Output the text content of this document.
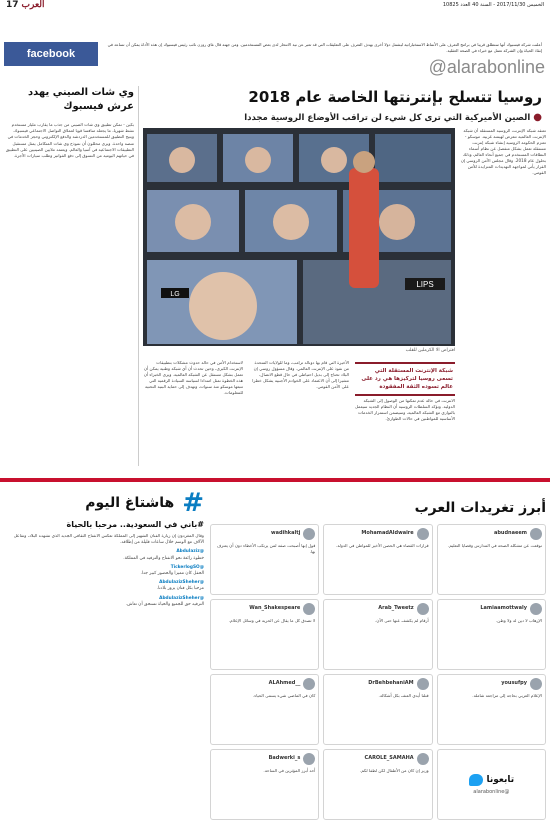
17 العرب	الخميس 2017/11/30 - السنة 40 العدد 10825
facebook
أعلنت شركة فيسبوك أنها ستطلق قريبا في برامج التعرف على الأنماط الاستخباراتية ليشمل دولا أخرى بهدف التعرف على التعليقات التي قد تعبر عن نية الانتحار لدى بعض المستخدمين. ومن جهته قال غاي روزن نائب رئيس فيسبوك إن هذه الأداة يمكن أن تساعد في إنقاذ الحياة وإن الشركة تعمل مع خبراء في الصحة العقلية.
@alarabonline
روسيا تتسلح بإنترنتها الخاصة عام 2018
●الصين الأميركية التي ترى كل شيء لن تراقب الأوضاع الروسية مجددا
وي شات الصيني يهدد عرش فيسبوك
بكين - تمكن تطبيق وي شات الصيني من جذب ما يقارب مليار مستخدم نشط شهريا، ما يجعله منافسا قويا لعملاق التواصل الاجتماعي فيسبوك. ويتيح التطبيق للمستخدمين الدردشة والدفع الإلكتروني وحجز الخدمات في منصة واحدة. ويرى محللون أن نموذج وي شات المتكامل يمثل مستقبل التطبيقات الاجتماعية في آسيا والعالم. ويعتمد ملايين الصينيين على التطبيق في حياتهم اليومية من التسوق إلى دفع الفواتير وطلب سيارات الأجرة.
LIPS
LG
افتراض الا الكرملين للقلب
تعتقد شبكة الإنترنت الروسية المستقلة أن شبكة الإنترنت العالمية تتعرض لهيمنة غربية. موسكو - تعتزم الحكومة الروسية إنشاء شبكة إنترنت مستقلة تعمل بشكل منفصل عن نظام أسماء النطاقات المستخدم في جميع أنحاء العالم، وذلك بحلول عام 2018. وقال مجلس الأمن الروسي إن القرار يأتي لمواجهة التهديدات المتزايدة للأمن القومي.
شبكة الإنترنت المستقلة التي تسعى روسيا لتركيزها هي رد على عالم تسوده الثقة المفقودة
الانترنت في حالة عدم تمكنها من الوصول إلى الشبكة الدولية. وتؤكد السلطات الروسية أن النظام الجديد سيعمل بالتوازي مع الشبكة العالمية، وسيضمن استمرار الخدمات الأساسية للمواطنين في حالات الطوارئ.
الأخيرة التي قام بها دونالد ترامب، وما للولايات المتحدة من نفوذ على الإنترنت العالمي. وقال مسؤول روسي إن البلاد تحتاج إلى بديل احتياطي في حال قطع الاتصال، مشيرا إلى أن الاعتماد على الخوادم الأجنبية يشكل خطرا على الأمن القومي.
لاستخدام الأمن في حالة حدوث مشكلات بتطبيقات الإنترنت الكبرى، وحين تحدث أن أي شبكة وطنية يمكن أن تعمل بشكل مستقل عن الشبكة العالمية. ويرى الخبراء أن هذه الخطوة تمثل امتدادا لسياسة السيادة الرقمية التي تتبعها موسكو منذ سنوات، وتهدف إلى حماية البنية التحتية للمعلومات.
هاشتاغ اليوم #	أبرز تغريدات العرب
#باني في السعودية.. مرحبا بالحياة
وقال المغردون إن زيارة الفنان الشهير إلى المملكة تعكس الانفتاح الثقافي الجديد الذي تشهده البلاد، وتفاعل الآلاف مع الوسم خلال ساعات قليلة من إطلاقه.
@Abdulaziz
خطوة رائعة نحو الانفتاح والترفيه في المملكة.
@TickerlogSO
الحفل كان مميزا والحضور كبير جدا.
@AbdulazizSheher
مرحبا بكل فنان يزور بلادنا.
@AbdulazizSheher
الترفيه حق للجميع والحياة تستحق أن تعاش.
wadihkaltj
قول إنها أصبحت صفة لمن يرتكب الأخطاء دون أن يعترف بها.
MohamadAldwaire
قرارات القضاء هي الحصن الأخير للمواطن في الدولة.
abudnaeem
توقعت عن مشكلة الصحة في المدارس وقضايا التعليم.
Wan_Shakespeare
لا تصدق كل ما يقال عن الحرية في وسائل الإعلام.
Arab_Tweetz
أرقام لم يكشف عنها حتى الآن.
Lamiaamottwaly
الإرهاب لا دين له ولا وطن.
ALAhmed__
كان في الماضي شيء يسمى الحياء.
DrBehbehaniAM
قتلنا أيدي العنف بكل أشكاله.
yousufpy
الإعلام العربي بحاجة إلى مراجعة شاملة.
Badwerki_s
أحد أبرز المؤثرين في الساحة.
CAROLE_SAMAHA
وزير إن كان من الأطفال لكن لطفا لكم.
تابعونا
@alarabonline
